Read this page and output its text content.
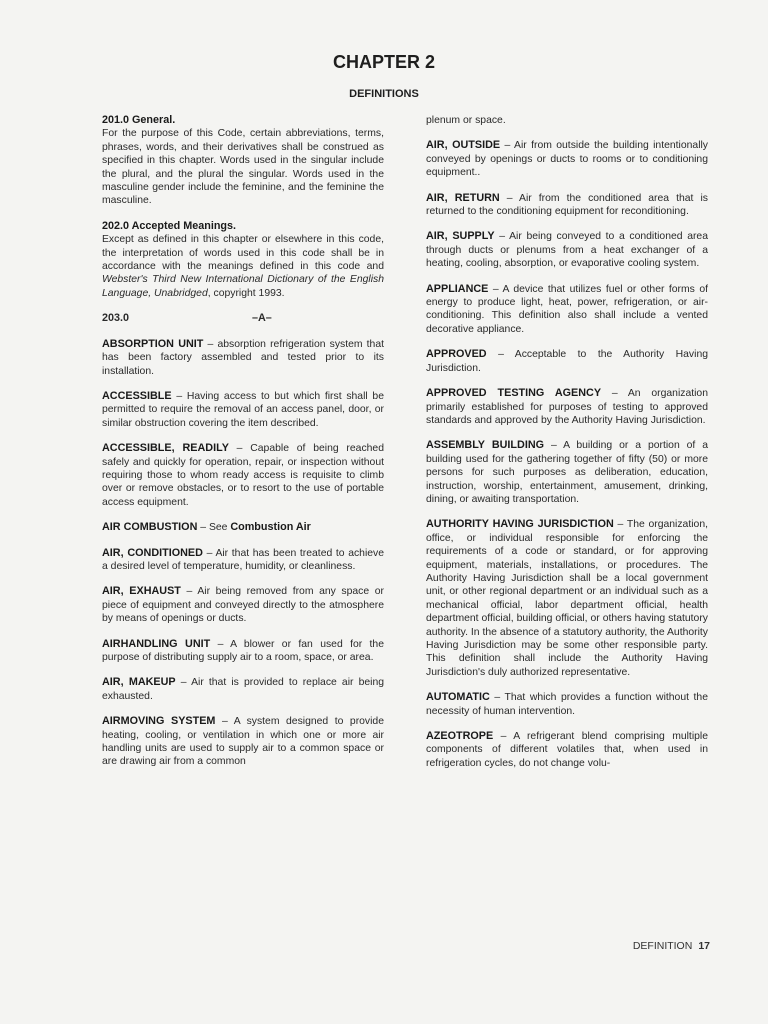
CHAPTER 2
DEFINITIONS
201.0 General.

For the purpose of this Code, certain abbreviations, terms, phrases, words, and their derivatives shall be construed as specified in this chapter. Words used in the singular include the plural, and the plural the singular. Words used in the masculine gender include the feminine, and the feminine the masculine.

202.0 Accepted Meanings.

Except as defined in this chapter or elsewhere in this code, the interpretation of words used in this code shall be in accordance with the meanings defined in this code and Webster's Third New International Dictionary of the English Language, Unabridged, copyright 1993.

203.0	–A–

ABSORPTION UNIT – absorption refrigeration system that has been factory assembled and tested prior to its installation.

ACCESSIBLE – Having access to but which first shall be permitted to require the removal of an access panel, door, or similar obstruction covering the item described.

ACCESSIBLE, READILY – Capable of being reached safely and quickly for operation, repair, or inspection without requiring those to whom ready access is requisite to climb over or remove obstacles, or to resort to the use of portable access equipment.

AIR COMBUSTION – See Combustion Air

AIR, CONDITIONED – Air that has been treated to achieve a desired level of temperature, humidity, or cleanliness.

AIR, EXHAUST – Air being removed from any space or piece of equipment and conveyed directly to the atmosphere by means of openings or ducts.

AIRHANDLING UNIT – A blower or fan used for the purpose of distributing supply air to a room, space, or area.

AIR, MAKEUP – Air that is provided to replace air being exhausted.

AIRMOVING SYSTEM – A system designed to provide heating, cooling, or ventilation in which one or more air handling units are used to supply air to a common space or are drawing air from a common

plenum or space.

AIR, OUTSIDE – Air from outside the building intentionally conveyed by openings or ducts to rooms or to conditioning equipment..

AIR, RETURN – Air from the conditioned area that is returned to the conditioning equipment for reconditioning.

AIR, SUPPLY – Air being conveyed to a conditioned area through ducts or plenums from a heat exchanger of a heating, cooling, absorption, or evaporative cooling system.

APPLIANCE – A device that utilizes fuel or other forms of energy to produce light, heat, power, refrigeration, or air-conditioning. This definition also shall include a vented decorative appliance.

APPROVED – Acceptable to the Authority Having Jurisdiction.

APPROVED TESTING AGENCY – An organization primarily established for purposes of testing to approved standards and approved by the Authority Having Jurisdiction.

ASSEMBLY BUILDING – A building or a portion of a building used for the gathering together of fifty (50) or more persons for such purposes as deliberation, education, instruction, worship, entertainment, amusement, drinking, dining, or awaiting transportation.

AUTHORITY HAVING JURISDICTION – The organization, office, or individual responsible for enforcing the requirements of a code or standard, or for approving equipment, materials, installations, or procedures. The Authority Having Jurisdiction shall be a local government unit, or other regional department or an individual such as a mechanical official, labor department official, health department official, building official, or others having statutory authority. In the absence of a statutory authority, the Authority Having Jurisdiction may be some other responsible party. This definition shall include the Authority Having Jurisdiction's duly authorized representative.

AUTOMATIC – That which provides a function without the necessity of human intervention.

AZEOTROPE – A refrigerant blend comprising multiple components of different volatiles that, when used in refrigeration cycles, do not change volu-

DEFINITION 17
